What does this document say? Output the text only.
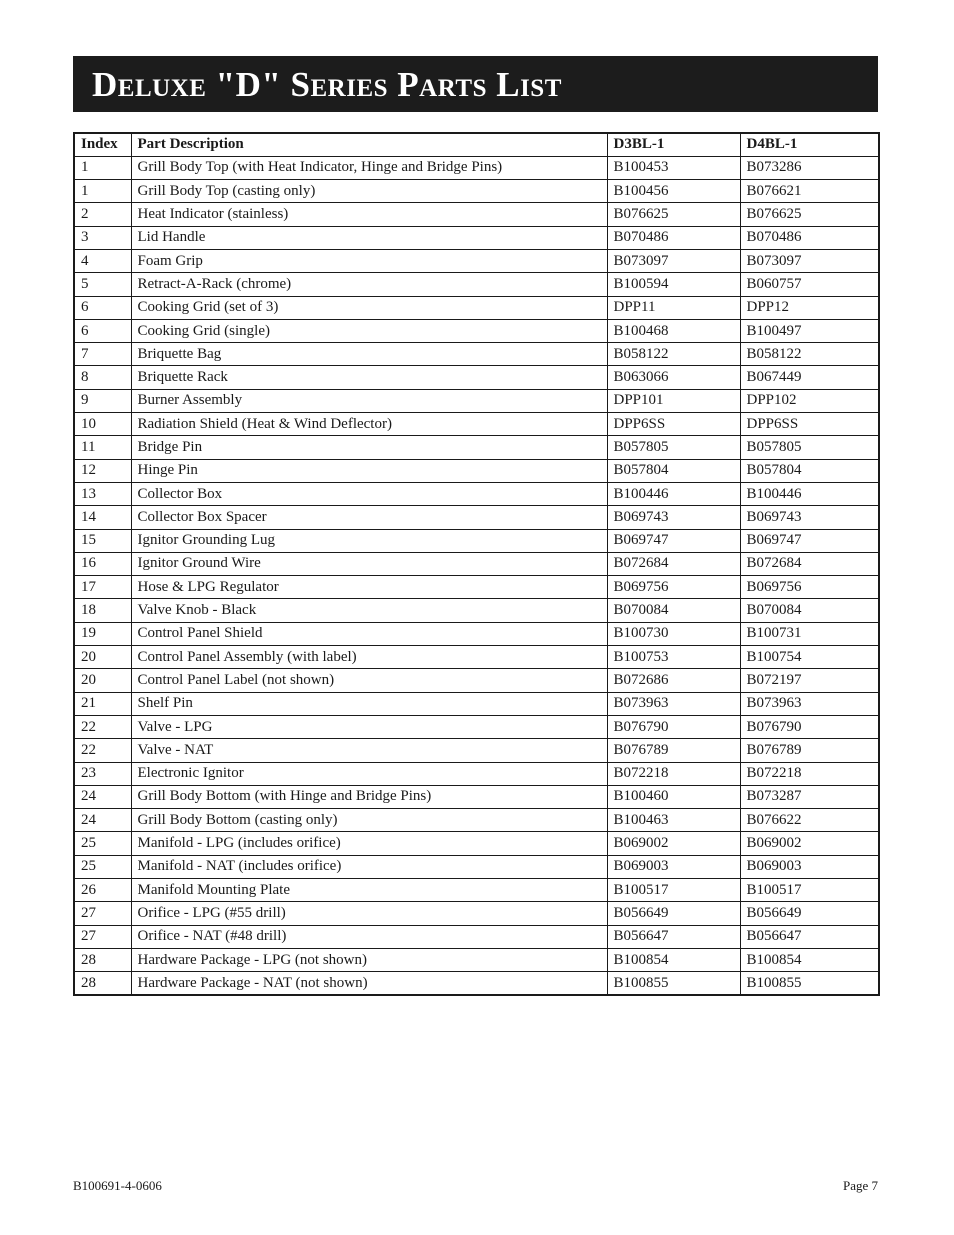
Deluxe "D" Series Parts List
Index	Part Description	D3BL-1	D4BL-1
1	Grill Body Top (with Heat Indicator, Hinge and Bridge Pins)	B100453	B073286
1	Grill Body Top (casting only)	B100456	B076621
2	Heat Indicator (stainless)	B076625	B076625
3	Lid Handle	B070486	B070486
4	Foam Grip	B073097	B073097
5	Retract-A-Rack (chrome)	B100594	B060757
6	Cooking Grid (set of 3)	DPP11	DPP12
6	Cooking Grid (single)	B100468	B100497
7	Briquette Bag	B058122	B058122
8	Briquette Rack	B063066	B067449
9	Burner Assembly	DPP101	DPP102
10	Radiation Shield (Heat & Wind Deflector)	DPP6SS	DPP6SS
11	Bridge Pin	B057805	B057805
12	Hinge Pin	B057804	B057804
13	Collector Box	B100446	B100446
14	Collector Box Spacer	B069743	B069743
15	Ignitor Grounding Lug	B069747	B069747
16	Ignitor Ground Wire	B072684	B072684
17	Hose & LPG Regulator	B069756	B069756
18	Valve Knob - Black	B070084	B070084
19	Control Panel Shield	B100730	B100731
20	Control Panel Assembly (with label)	B100753	B100754
20	Control Panel Label (not shown)	B072686	B072197
21	Shelf Pin	B073963	B073963
22	Valve - LPG	B076790	B076790
22	Valve - NAT	B076789	B076789
23	Electronic Ignitor	B072218	B072218
24	Grill Body Bottom (with Hinge and Bridge Pins)	B100460	B073287
24	Grill Body Bottom (casting only)	B100463	B076622
25	Manifold - LPG (includes orifice)	B069002	B069002
25	Manifold - NAT (includes orifice)	B069003	B069003
26	Manifold Mounting Plate	B100517	B100517
27	Orifice - LPG (#55 drill)	B056649	B056649
27	Orifice - NAT (#48 drill)	B056647	B056647
28	Hardware Package - LPG (not shown)	B100854	B100854
28	Hardware Package - NAT (not shown)	B100855	B100855
B100691-4-0606	Page 7
